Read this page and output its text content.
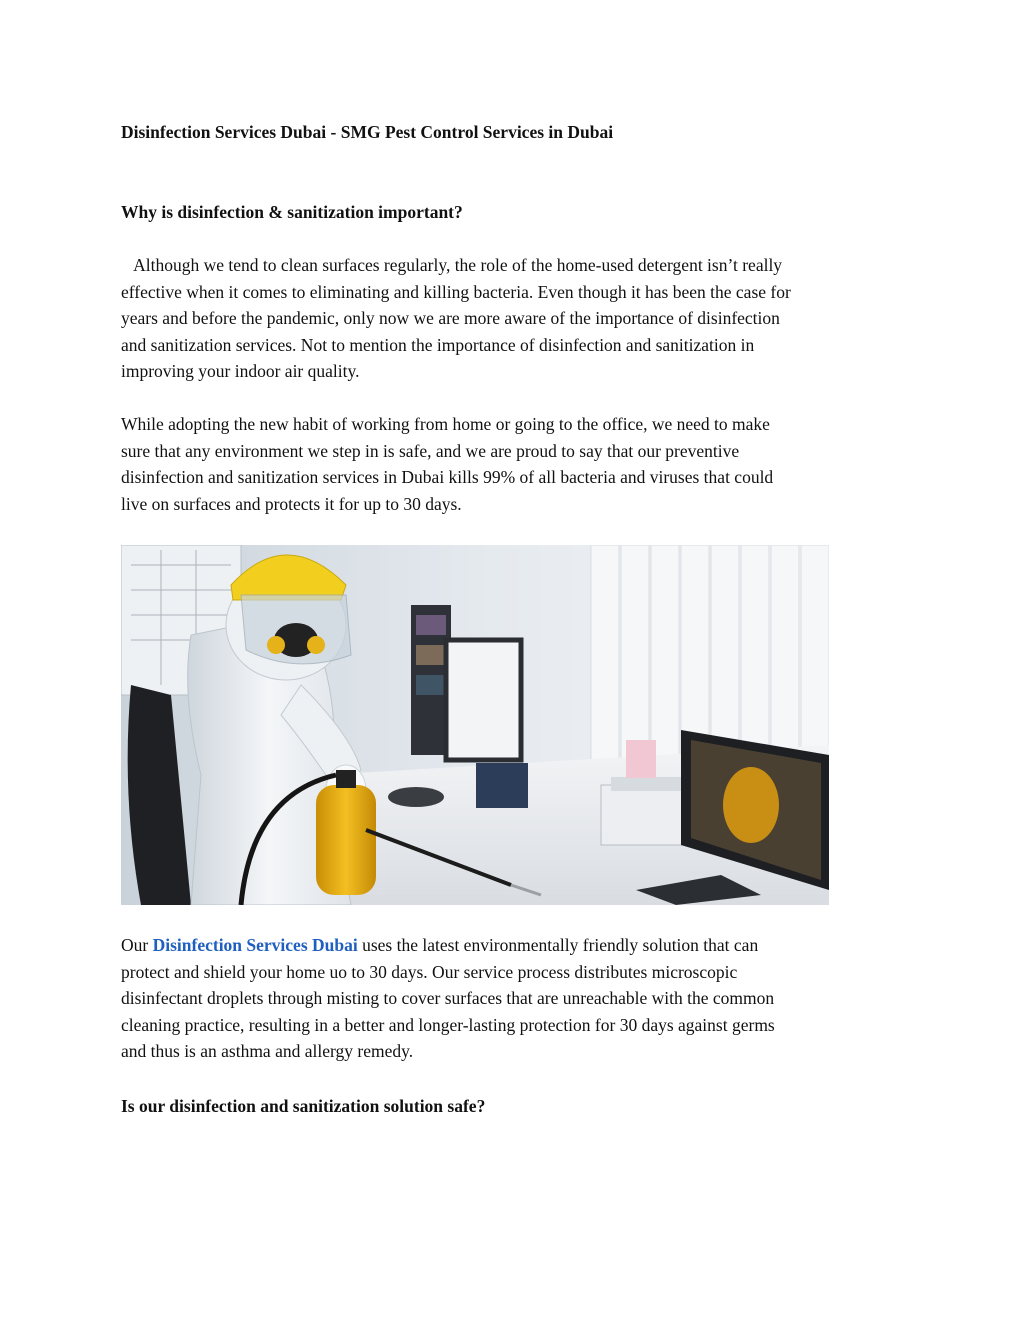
Disinfection Services Dubai - SMG Pest Control Services in Dubai
Why is disinfection & sanitization important?

Although we tend to clean surfaces regularly, the role of the home-used detergent isn’t really
effective when it comes to eliminating and killing bacteria. Even though it has been the case for
years and before the pandemic, only now we are more aware of the importance of disinfection
and sanitization services. Not to mention the importance of disinfection and sanitization in
improving your indoor air quality.

While adopting the new habit of working from home or going to the office, we need to make
sure that any environment we step in is safe, and we are proud to say that our preventive
disinfection and sanitization services in Dubai kills 99% of all bacteria and viruses that could
live on surfaces and protects it for up to 30 days.

Our Disinfection Services Dubai uses the latest environmentally friendly solution that can
protect and shield your home uo to 30 days. Our service process distributes microscopic
disinfectant droplets through misting to cover surfaces that are unreachable with the common
cleaning practice, resulting in a better and longer-lasting protection for 30 days against germs
and thus is an asthma and allergy remedy.

Is our disinfection and sanitization solution safe?
